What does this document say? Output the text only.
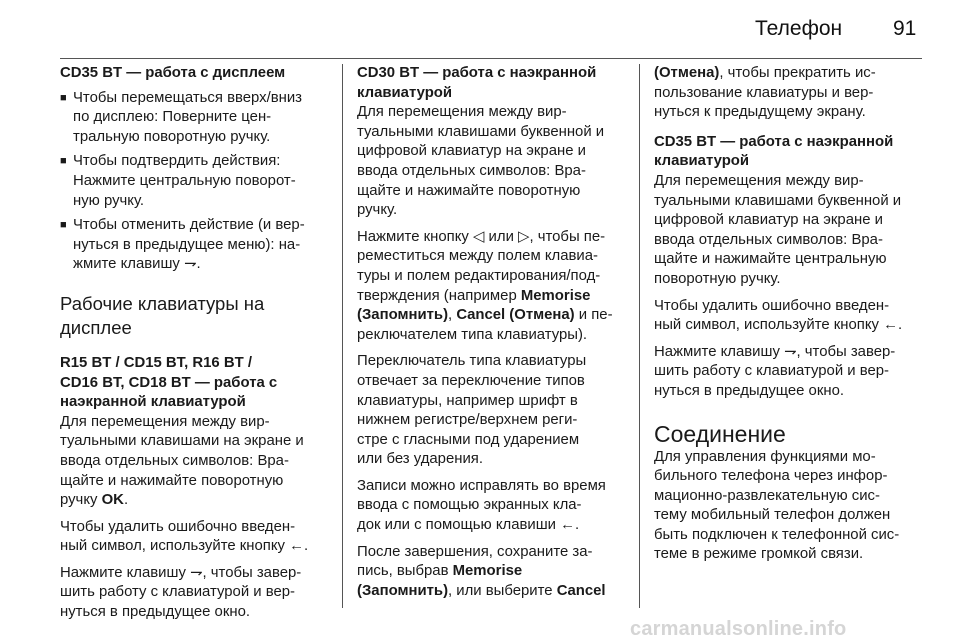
Телефон 91
CD35 BT — работа с дисплеем
■ Чтобы перемещаться вверх/вниз
по дисплею: Поверните цен-
тральную поворотную ручку.
■ Чтобы подтвердить действия:
Нажмите центральную поворот-
ную ручку.
■ Чтобы отменить действие (и вер-
нуться в предыдущее меню): на-
жмите клавишу ⇁.
Рабочие клавиатуры на
дисплее
R15 BT / CD15 BT, R16 BT /
CD16 BT, CD18 BT — работа с
наэкранной клавиатурой
Для перемещения между вир-
туальными клавишами на экране и
ввода отдельных символов: Вра-
щайте и нажимайте поворотную
ручку OK.
Чтобы удалить ошибочно введен-
ный символ, используйте кнопку ←.
Нажмите клавишу ⇁, чтобы завер-
шить работу с клавиатурой и вер-
нуться в предыдущее окно.
CD30 BT — работа с наэкранной
клавиатурой
Для перемещения между вир-
туальными клавишами буквенной и
цифровой клавиатур на экране и
ввода отдельных символов: Вра-
щайте и нажимайте поворотную
ручку.
Нажмите кнопку ◁ или ▷, чтобы пе-
реместиться между полем клавиа-
туры и полем редактирования/под-
тверждения (например Memorise
(Запомнить), Cancel (Отмена) и пе-
реключателем типа клавиатуры).
Переключатель типа клавиатуры
отвечает за переключение типов
клавиатуры, например шрифт в
нижнем регистре/верхнем реги-
стре с гласными под ударением
или без ударения.
Записи можно исправлять во время
ввода с помощью экранных кла-
док или с помощью клавиши ←.
После завершения, сохраните за-
пись, выбрав Memorise
(Запомнить), или выберите Cancel
(Отмена), чтобы прекратить ис-
пользование клавиатуры и вер-
нуться к предыдущему экрану.
CD35 BT — работа с наэкранной
клавиатурой
Для перемещения между вир-
туальными клавишами буквенной и
цифровой клавиатур на экране и
ввода отдельных символов: Вра-
щайте и нажимайте центральную
поворотную ручку.
Чтобы удалить ошибочно введен-
ный символ, используйте кнопку ←.
Нажмите клавишу ⇁, чтобы завер-
шить работу с клавиатурой и вер-
нуться в предыдущее окно.
Соединение
Для управления функциями мо-
бильного телефона через инфор-
мационно-развлекательную сис-
тему мобильный телефон должен
быть подключен к телефонной сис-
теме в режиме громкой связи.
carmanualsonline.info
